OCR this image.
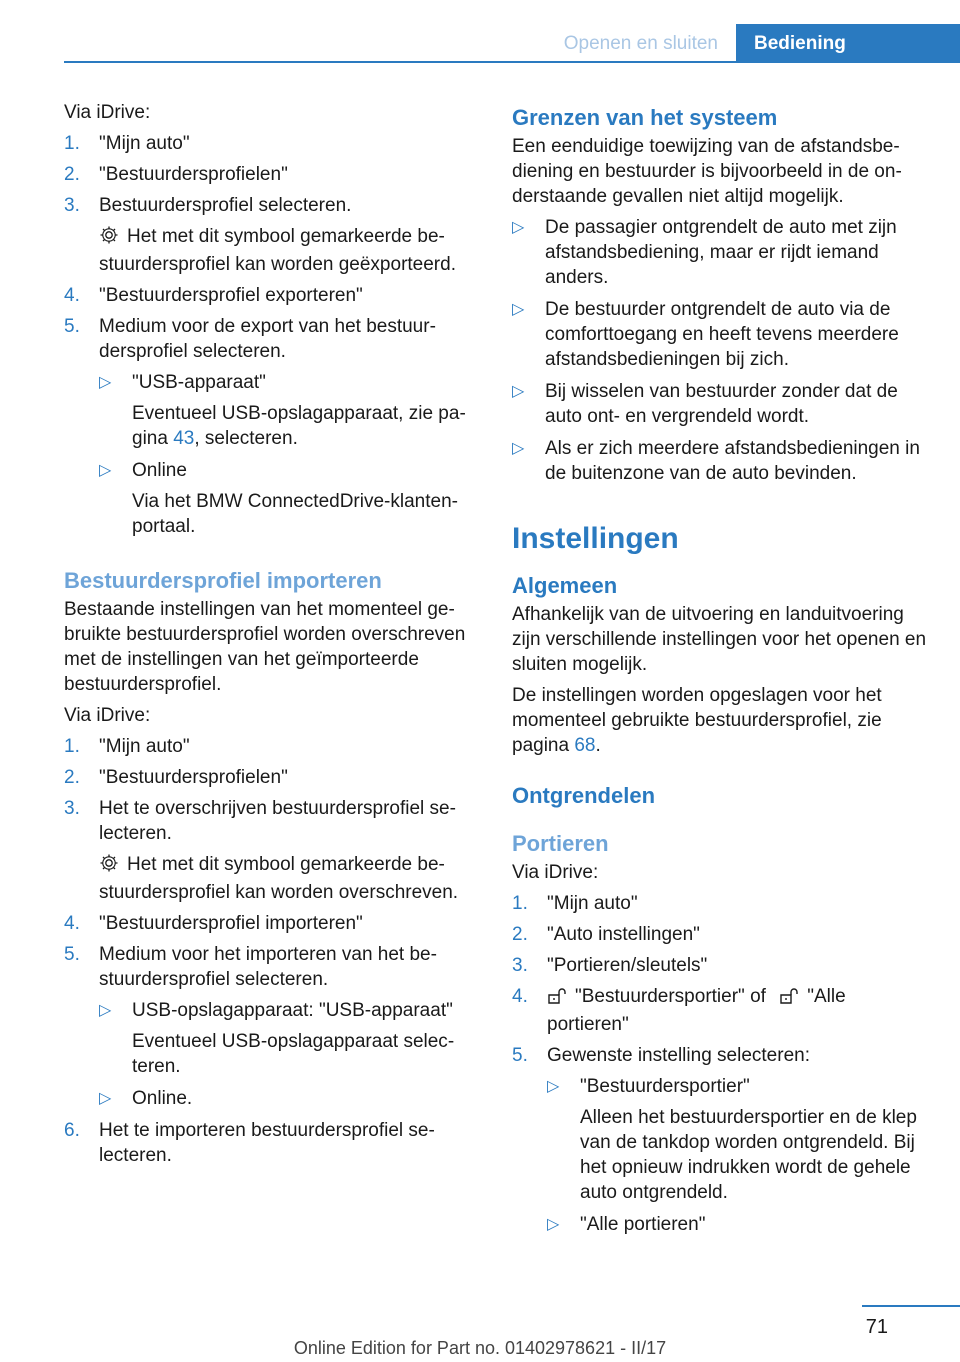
Openen en sluiten	Bediening

Via iDrive:

1. "Mijn auto"
2. "Bestuurdersprofielen"
3. Bestuurdersprofiel selecteren.
Het met dit symbool gemarkeerde bestuurdersprofiel kan worden geëxporteerd.
4. "Bestuurdersprofiel exporteren"
5. Medium voor de export van het bestuurdersprofiel selecteren.
▷ "USB-apparaat"
Eventueel USB-opslagapparaat, zie pagina 43, selecteren.
▷ Online
Via het BMW ConnectedDrive-klantenportaal.
Bestuurdersprofiel importeren

Bestaande instellingen van het momenteel gebruikte bestuurdersprofiel worden overschreven met de instellingen van het geïmporteerde bestuurdersprofiel.

Via iDrive:

1. "Mijn auto"
2. "Bestuurdersprofielen"
3. Het te overschrijven bestuurdersprofiel selecteren.
Het met dit symbool gemarkeerde bestuurdersprofiel kan worden overschreven.
4. "Bestuurdersprofiel importeren"
5. Medium voor het importeren van het bestuurdersprofiel selecteren.
▷ USB-opslagapparaat: "USB-apparaat"
Eventueel USB-opslagapparaat selecteren.
▷ Online.
6. Het te importeren bestuurdersprofiel selecteren.
Grenzen van het systeem

Een eenduidige toewijzing van de afstandsbediening en bestuurder is bijvoorbeeld in de onderstaande gevallen niet altijd mogelijk.

▷ De passagier ontgrendelt de auto met zijn afstandsbediening, maar er rijdt iemand anders.
▷ De bestuurder ontgrendelt de auto via de comforttoegang en heeft tevens meerdere afstandsbedieningen bij zich.
▷ Bij wisselen van bestuurder zonder dat de auto ont- en vergrendeld wordt.
▷ Als er zich meerdere afstandsbedieningen in de buitenzone van de auto bevinden.
Instellingen
Algemeen

Afhankelijk van de uitvoering en landuitvoering zijn verschillende instellingen voor het openen en sluiten mogelijk.

De instellingen worden opgeslagen voor het momenteel gebruikte bestuurdersprofiel, zie pagina 68.

Ontgrendelen
Portieren

Via iDrive:

1. "Mijn auto"
2. "Auto instellingen"
3. "Portieren/sleutels"
4. "Bestuurdersportier" of "Alle portieren"
5. Gewenste instelling selecteren:
▷ "Bestuurdersportier"
Alleen het bestuurdersportier en de klep van de tankdop worden ontgrendeld. Bij het opnieuw indrukken wordt de gehele auto ontgrendeld.
▷ "Alle portieren"
71
Online Edition for Part no. 01402978621 - II/17
